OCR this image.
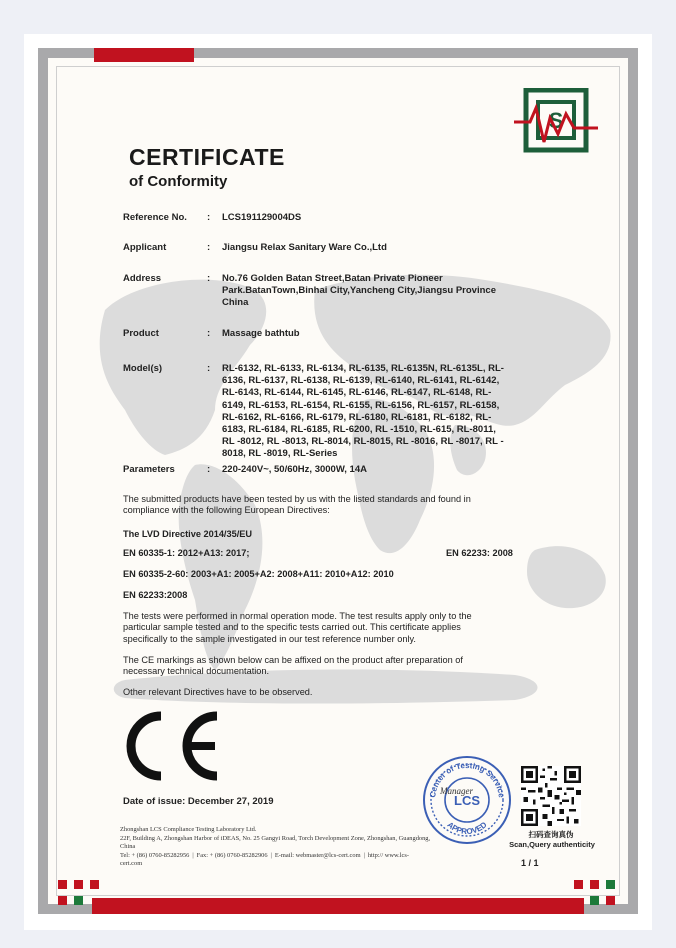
S
CERTIFICATE
of Conformity
Reference No. : LCS191129004DS
Applicant	: Jiangsu Relax Sanitary Ware Co.,Ltd
Address	: No.76 Golden Batan Street,Batan Private Pioneer
Park.BatanTown,Binhai City,Yancheng City,Jiangsu Province
China
Product	: Massage bathtub
Model(s)	: RL-6132, RL-6133, RL-6134, RL-6135, RL-6135N, RL-6135L, RL-
6136, RL-6137, RL-6138, RL-6139, RL-6140, RL-6141, RL-6142,
RL-6143, RL-6144, RL-6145, RL-6146, RL-6147, RL-6148, RL-
6149, RL-6153, RL-6154, RL-6155, RL-6156, RL-6157, RL-6158,
RL-6162, RL-6166, RL-6179, RL-6180, RL-6181, RL-6182, RL-
6183, RL-6184, RL-6185, RL-6200, RL -1510, RL-615, RL-8011,
RL -8012, RL -8013, RL-8014, RL-8015, RL -8016, RL -8017, RL -
8018, RL -8019, RL-Series
Parameters	: 220-240V~, 50/60Hz, 3000W, 14A
The submitted products have been tested by us with the listed standards and found in
compliance with the following European Directives:
The LVD Directive 2014/35/EU
EN 60335-1: 2012+A13: 2017;	EN 62233: 2008
EN 60335-2-60: 2003+A1: 2005+A2: 2008+A11: 2010+A12: 2010
EN 62233:2008
The tests were performed in normal operation mode. The test results apply only to the
particular sample tested and to the specific tests carried out. This certificate applies
specifically to the sample investigated in our test reference number only.
The CE markings as shown below can be affixed on the product after preparation of
necessary technical documentation.
Other relevant Directives have to be observed.
Date of issue: December 27, 2019
Zhongshan LCS Compliance Testing Laboratory Ltd.
22F, Building A, Zhongshan Harbor of iDEAS, No. 25 Gangyi Road, Torch Development Zone, Zhongshan, Guangdong,
China
Tel: + (86) 0760-85282956 | Fax: + (86) 0760-85282906 | E-mail: webmaster@lcs-cert.com | http:// www.lcs-
cert.com
Center of Testing Service
APPROVED
LCS
Manager
扫码查询真伪
Scan,Query authenticity
1 / 1
